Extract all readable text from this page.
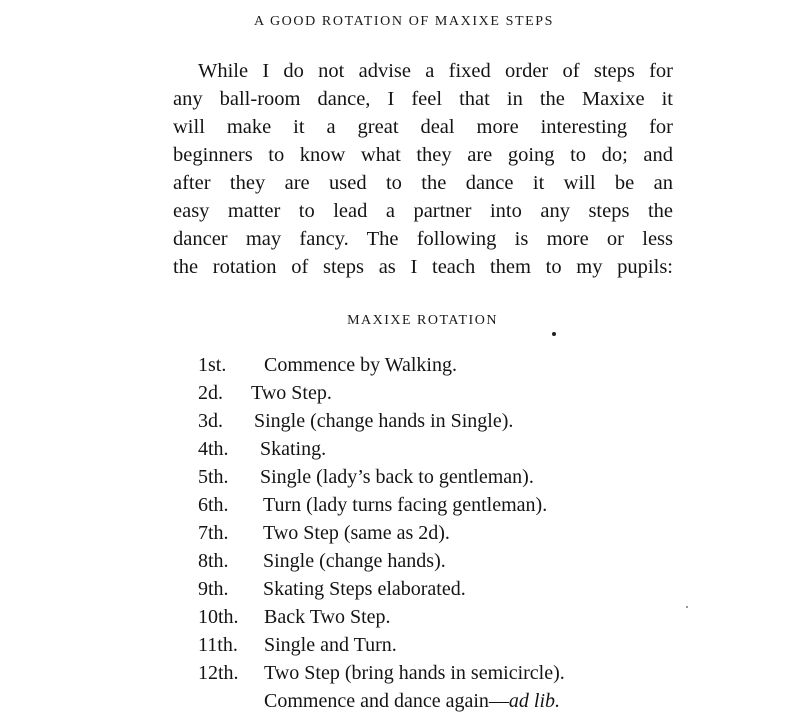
A GOOD ROTATION OF MAXIXE STEPS
While I do not advise a fixed order of steps for
any ball-room dance, I feel that in the Maxixe it
will make it a great deal more interesting for
beginners to know what they are going to do; and
after they are used to the dance it will be an
easy matter to lead a partner into any steps the
dancer may fancy. The following is more or less
the rotation of steps as I teach them to my pupils:
MAXIXE ROTATION
1st.	Commence by Walking.
2d.	Two Step.
3d.	Single (change hands in Single).
4th.	Skating.
5th.	Single (lady’s back to gentleman).
6th.	Turn (lady turns facing gentleman).
7th.	Two Step (same as 2d).
8th.	Single (change hands).
9th.	Skating Steps elaborated.
10th.	Back Two Step.
11th.	Single and Turn.
12th.	Two Step (bring hands in semicircle).
Commence and dance again— ad lib.
